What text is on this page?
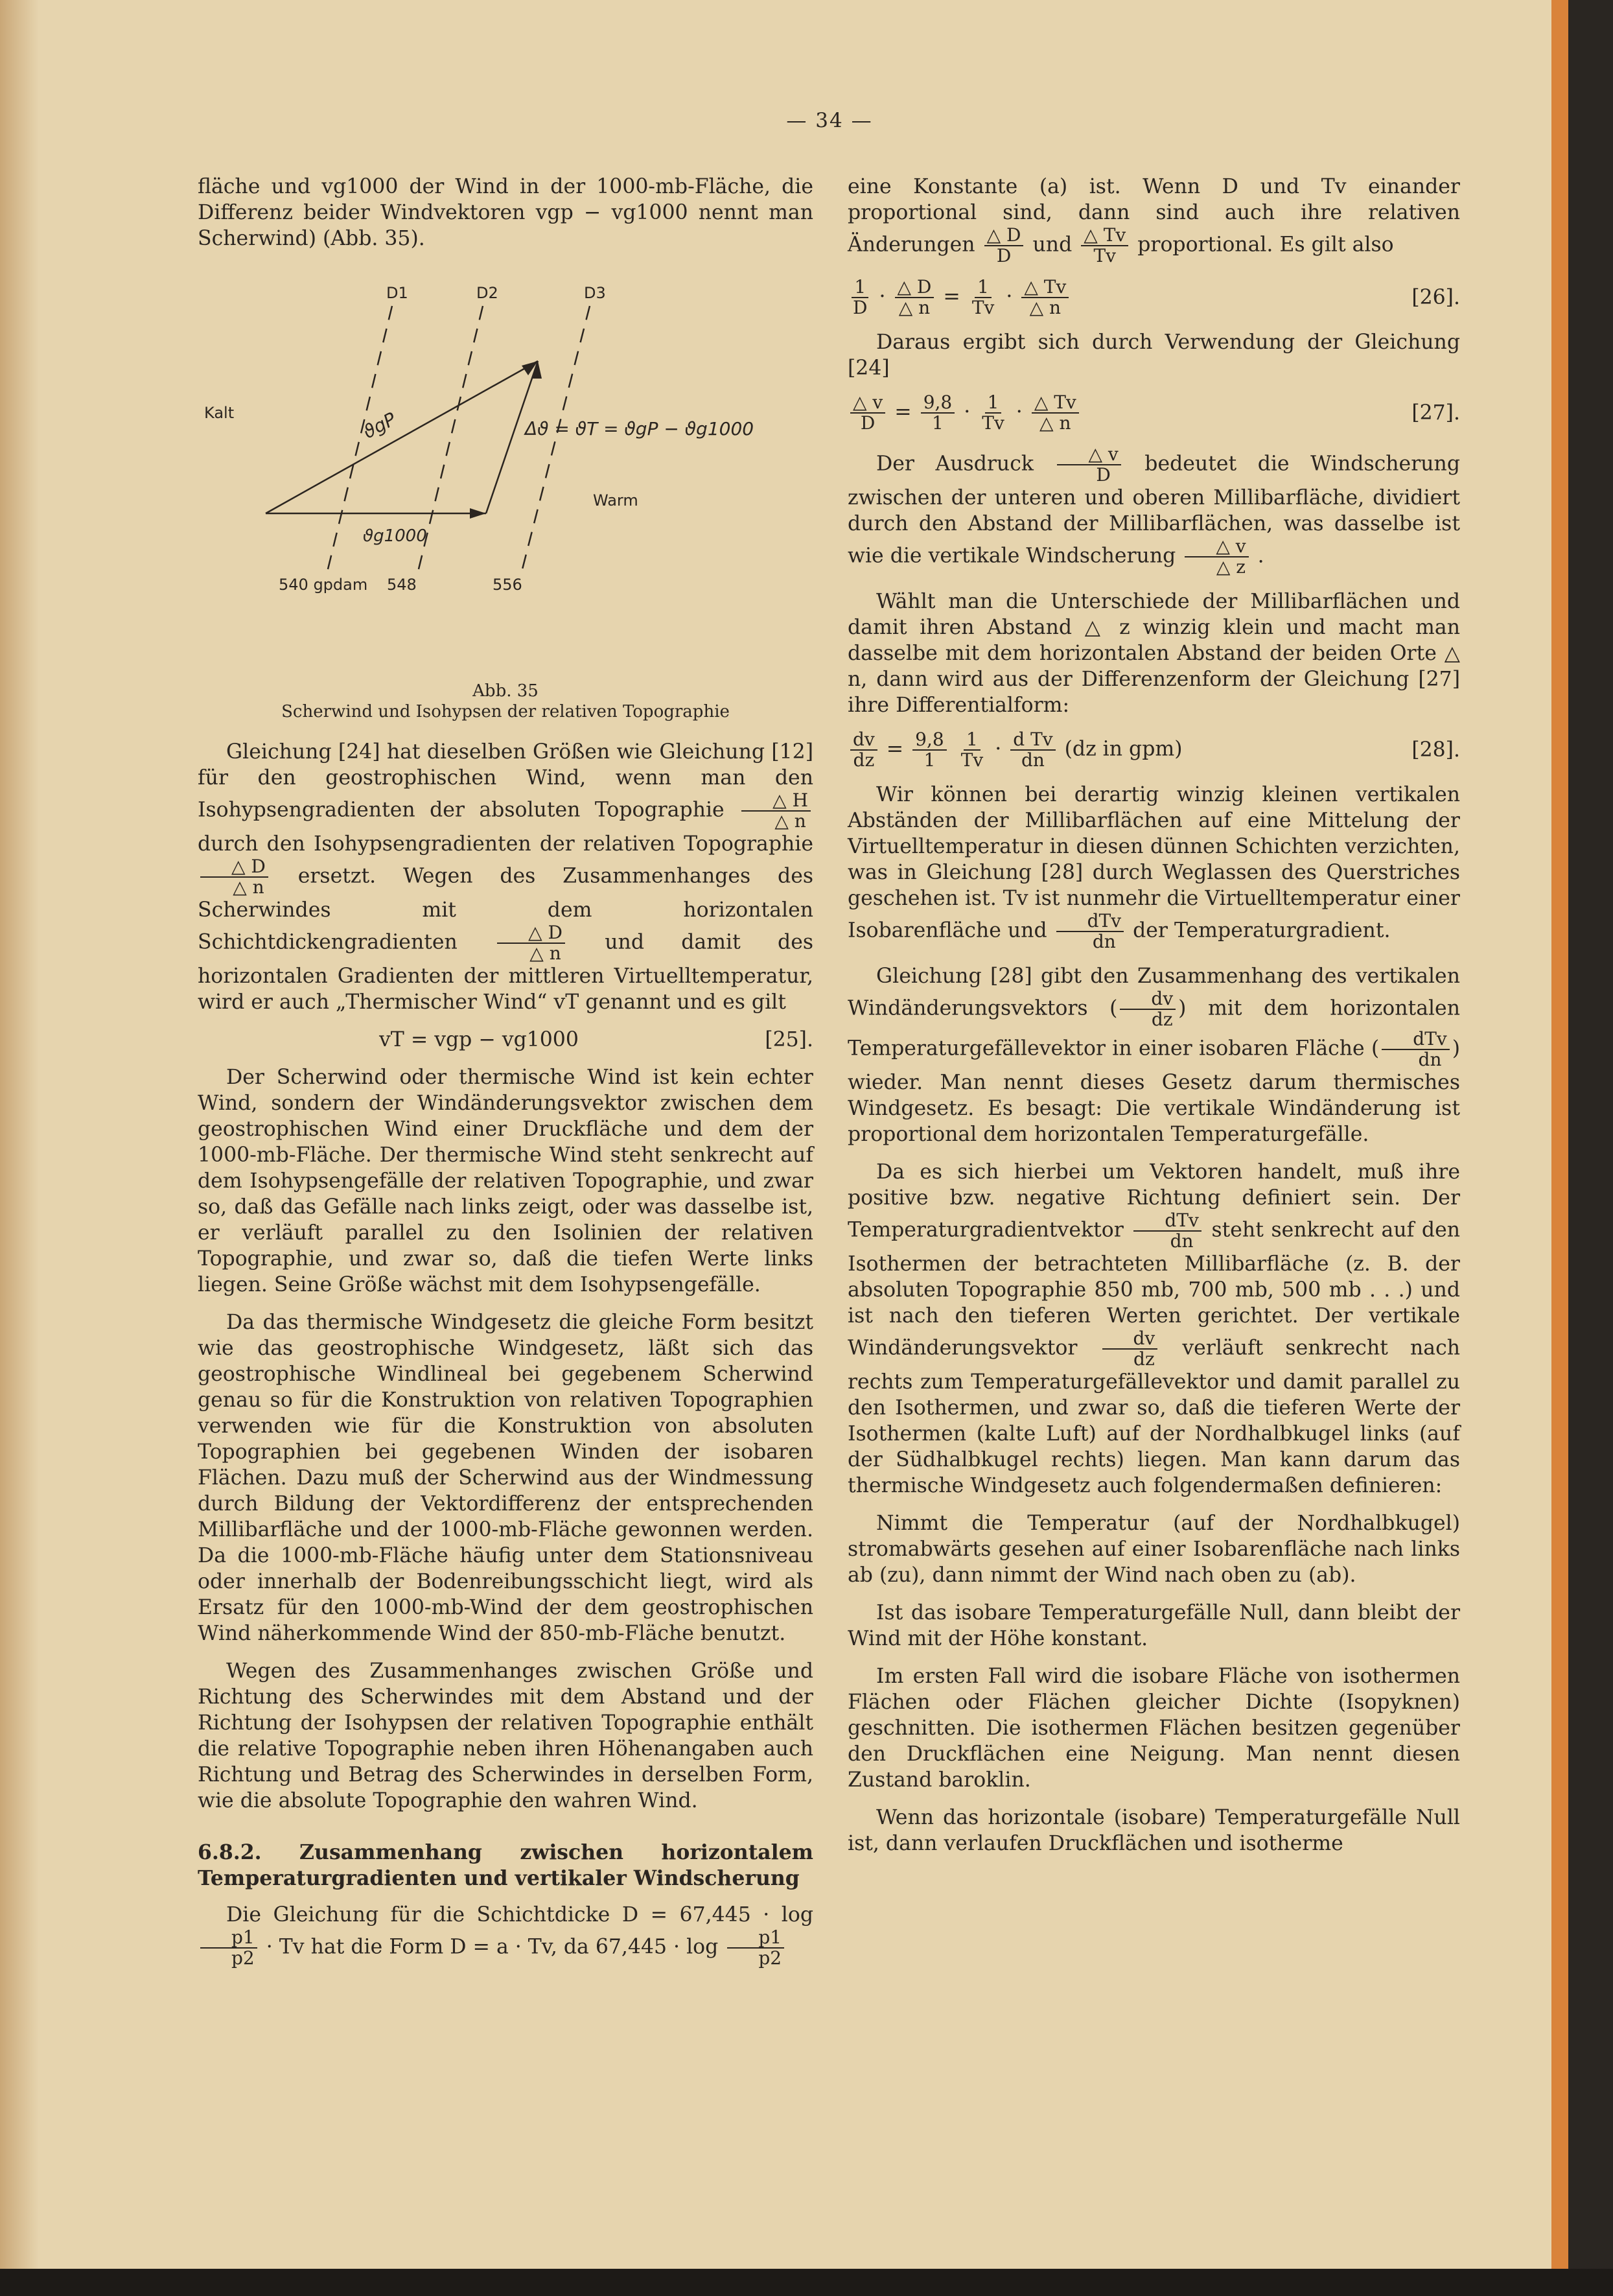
— 34 —

fläche und vg1000 der Wind in der 1000-mb-Fläche, die Differenz beider Windvektoren vgp − vg1000 nennt man Scherwind) (Abb. 35).

D1	D2	D3
Kalt
Warm
ϑgP
ϑg1000
Δϑ = ϑT = ϑgP − ϑg1000
540 gpdam 548	556
Abb. 35
Scherwind und Isohypsen der relativen Topographie

Gleichung [24] hat dieselben Größen wie Gleichung [12] für den geostrophischen Wind, wenn man den Isohypsengradienten der absoluten Topographie $\frac{\triangle H}{\triangle n}$
durch den Isohypsengradienten der relativen Topographie
$\frac{\triangle D}{\triangle n}$ ersetzt. Wegen des Zusammenhanges des Scherwindes mit dem horizontalen Schichtdickengradienten $\frac{\triangle D}{\triangle n}$ und damit des horizontalen Gradienten der mittleren Virtuelltemperatur, wird er auch „Thermischer Wind“ vT genannt und es gilt

vT = vgp − vg1000	[25].

Der Scherwind oder thermische Wind ist kein echter Wind, sondern der Windänderungsvektor zwischen dem geostrophischen Wind einer Druckfläche und dem der 1000-mb-Fläche. Der thermische Wind steht senkrecht auf dem Isohypsengefälle der relativen Topographie, und zwar so, daß das Gefälle nach links zeigt, oder was dasselbe ist, er verläuft parallel zu den Isolinien der relativen Topographie, und zwar so, daß die tiefen Werte links liegen. Seine Größe wächst mit dem Isohypsengefälle.

Da das thermische Windgesetz die gleiche Form besitzt wie das geostrophische Windgesetz, läßt sich das geostrophische Windlineal bei gegebenem Scherwind genau so für die Konstruktion von relativen Topographien verwenden wie für die Konstruktion von absoluten Topographien bei gegebenen Winden der isobaren Flächen. Dazu muß der Scherwind aus der Windmessung durch Bildung der Vektordifferenz der entsprechenden Millibarfläche und der 1000-mb-Fläche gewonnen werden. Da die 1000-mb-Fläche häufig unter dem Stationsniveau oder innerhalb der Bodenreibungsschicht liegt, wird als Ersatz für den 1000-mb-Wind der dem geostrophischen Wind näherkommende Wind der 850-mb-Fläche benutzt.

Wegen des Zusammenhanges zwischen Größe und Richtung des Scherwindes mit dem Abstand und der Richtung der Isohypsen der relativen Topographie enthält die relative Topographie neben ihren Höhenangaben auch Richtung und Betrag des Scherwindes in derselben Form, wie die absolute Topographie den wahren Wind.

6.8.2. Zusammenhang zwischen horizontalem Temperaturgradienten und vertikaler Windscherung

Die Gleichung für die Schichtdicke D = 67,445 · log
$\frac{p1}{p2} \cdot Tv$ hat die Form D = a · Tv, da $67,445 \cdot \log \frac{p1}{p2}$

eine Konstante (a) ist. Wenn D und Tv einander proportional sind, dann sind auch ihre relativen Änderungen $\frac{\triangle D}{D}$ und $\frac{\triangle Tv}{Tv}$ proportional. Es gilt also

$\frac{1}{D} \cdot \frac{\triangle D}{\triangle n} = \frac{1}{Tv} \cdot \frac{\triangle Tv}{\triangle n}$	[26].

Daraus ergibt sich durch Verwendung der Gleichung [24]

$\frac{\triangle v}{D} = \frac{9,8}{1} \cdot \frac{1}{Tv} \cdot \frac{\triangle Tv}{\triangle n}$	[27].

Der Ausdruck $\frac{\triangle v}{D}$ bedeutet die Windscherung zwischen der unteren und oberen Millibarfläche, dividiert durch den Abstand der Millibarflächen, was dasselbe ist wie die vertikale Windscherung $\frac{\triangle v}{\triangle z}$ .

Wählt man die Unterschiede der Millibarflächen und damit ihren Abstand △ z winzig klein und macht man dasselbe mit dem horizontalen Abstand der beiden Orte △ n, dann wird aus der Differenzenform der Gleichung [27] ihre Differentialform:

$\frac{dv}{dz} = \frac{9,8}{1}$
$\frac{1}{Tv} \cdot \frac{\text{d Tv}}{dn} (dz$ in gpm)	[28].

Wir können bei derartig winzig kleinen vertikalen Abständen der Millibarflächen auf eine Mittelung der Virtuelltemperatur in diesen dünnen Schichten verzichten, was in Gleichung [28] durch Weglassen des Querstriches geschehen ist. Tv ist nunmehr die Virtuelltemperatur einer Isobarenfläche und $\frac{\text{dTv}}{dn}$ der Temperaturgradient.

Gleichung [28] gibt den Zusammenhang des vertikalen Windänderungsvektors ( $\frac{dv}{dz}$ ) mit dem horizontalen Temperaturgefällevektor in einer isobaren Fläche ( $\frac{\text{dTv}}{dn}$ ) wieder. Man nennt dieses Gesetz darum thermisches Windgesetz. Es besagt: Die vertikale Windänderung ist proportional dem horizontalen Temperaturgefälle.

Da es sich hierbei um Vektoren handelt, muß ihre positive bzw. negative Richtung definiert sein. Der Temperaturgradientvektor $\frac{\text{dTv}}{dn}$ steht senkrecht auf den Isothermen der betrachteten Millibarfläche (z. B. der absoluten Topographie 850 mb, 700 mb, 500 mb . . .) und ist nach den tieferen Werten gerichtet. Der vertikale Windänderungsvektor $\frac{dv}{dz}$ verläuft senkrecht nach rechts zum Temperaturgefällevektor und damit parallel zu den Isothermen, und zwar so, daß die tieferen Werte der Isothermen (kalte Luft) auf der Nordhalbkugel links (auf der Südhalbkugel rechts) liegen. Man kann darum das thermische Windgesetz auch folgendermaßen definieren:

Nimmt die Temperatur (auf der Nordhalbkugel) stromabwärts gesehen auf einer Isobarenfläche nach links ab (zu), dann nimmt der Wind nach oben zu (ab).

Ist das isobare Temperaturgefälle Null, dann bleibt der Wind mit der Höhe konstant.

Im ersten Fall wird die isobare Fläche von isothermen Flächen oder Flächen gleicher Dichte (Isopyknen) geschnitten. Die isothermen Flächen besitzen gegenüber den Druckflächen eine Neigung. Man nennt diesen Zustand baroklin.

Wenn das horizontale (isobare) Temperaturgefälle Null ist, dann verlaufen Druckflächen und isotherme
